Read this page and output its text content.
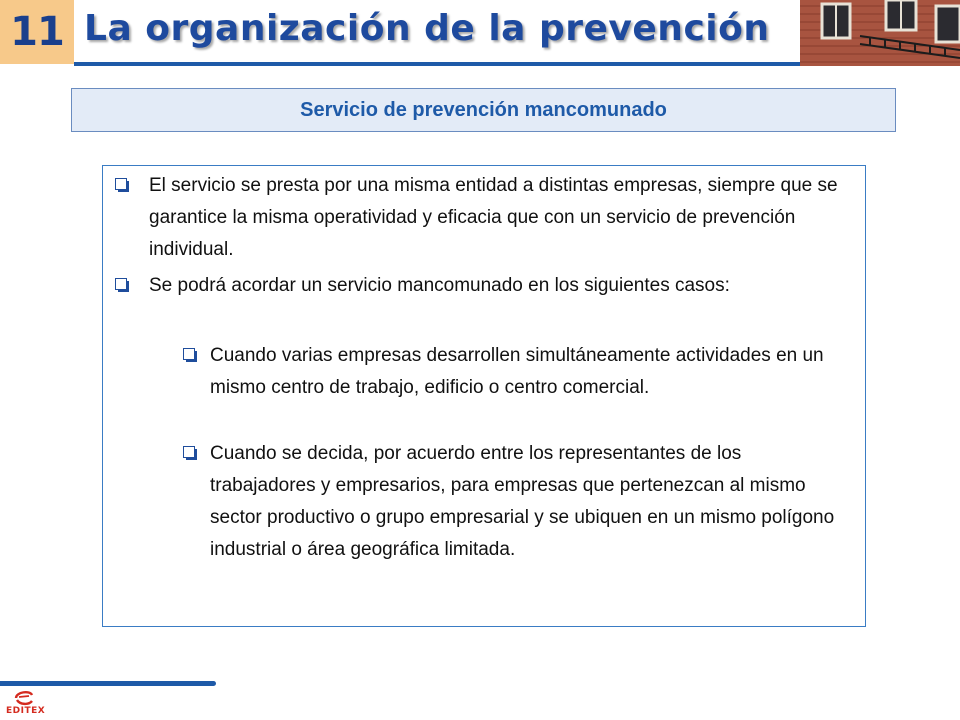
11 La organización de la prevención
Servicio de prevención mancomunado
El servicio se presta por una misma entidad a distintas empresas, siempre que se garantice la misma operatividad y eficacia que con un servicio de prevención individual.
Se podrá acordar un servicio mancomunado en los siguientes casos:
Cuando varias empresas desarrollen simultáneamente actividades en un mismo centro de trabajo, edificio o centro comercial.
Cuando se decida, por acuerdo entre los representantes de los trabajadores y empresarios, para empresas que pertenezcan al mismo sector productivo o grupo empresarial y se ubiquen en un mismo polígono industrial o área geográfica limitada.
EDITEX
